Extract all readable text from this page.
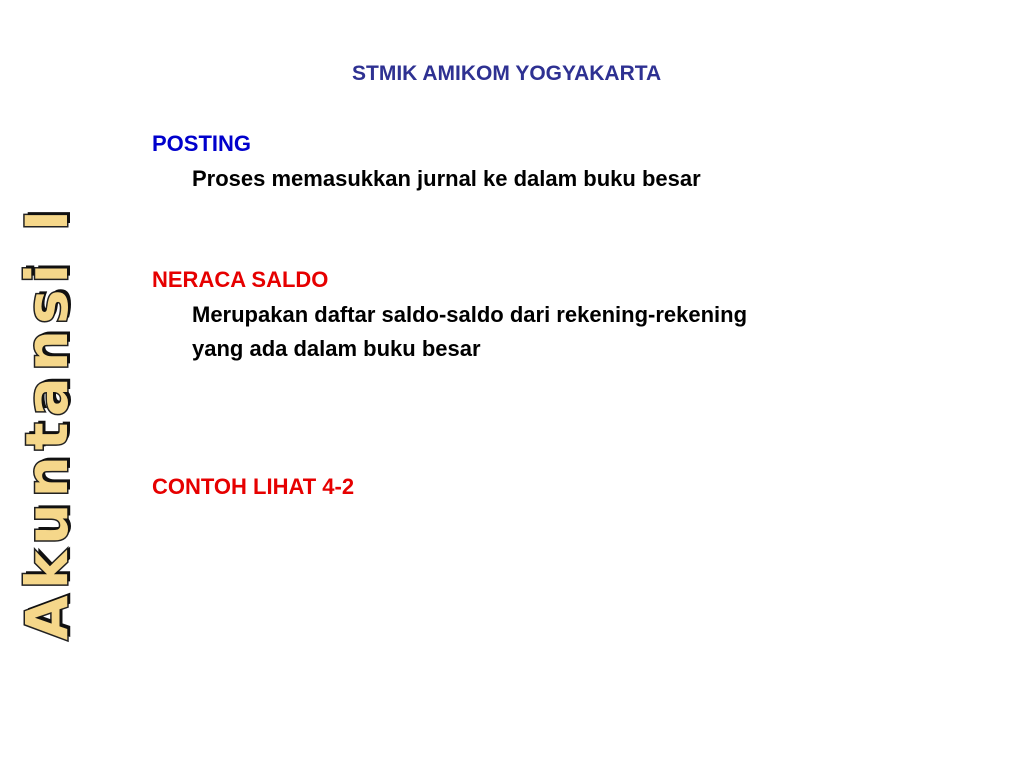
Akuntansi I
STMIK AMIKOM YOGYAKARTA
POSTING
Proses memasukkan jurnal ke dalam buku besar
NERACA SALDO
Merupakan daftar saldo-saldo dari rekening-rekening
yang ada dalam buku besar
CONTOH LIHAT 4-2
